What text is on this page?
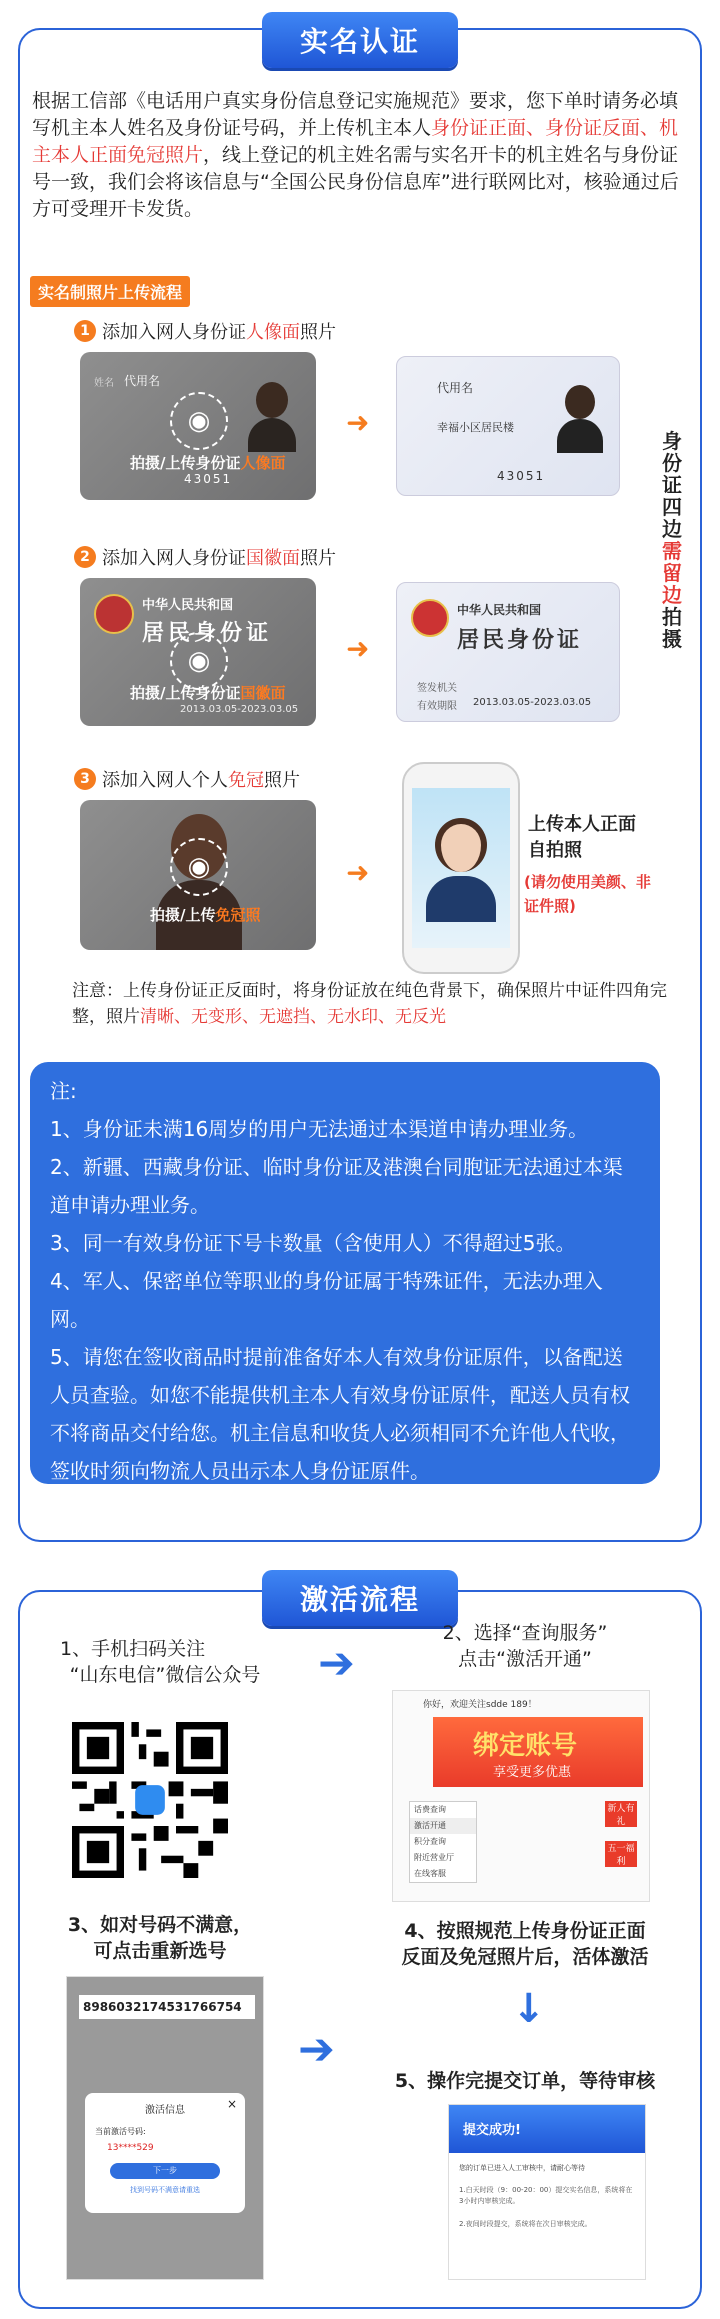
实名认证
根据工信部《电话用户真实身份信息登记实施规范》要求，您下单时请务必填写机主本人姓名及身份证号码，并上传机主本人身份证正面、身份证反面、机主本人正面免冠照片，线上登记的机主姓名需与实名开卡的机主姓名与身份证号一致，我们会将该信息与“全国公民身份信息库”进行联网比对，核验通过后方可受理开卡发货。
实名制照片上传流程
1 添加入网人身份证 人像面 照片
姓名 代用名
43051
◉
拍摄/上传身份证人像面
➜
代用名
幸福小区居民楼
43051
2 添加入网人身份证 国徽面 照片
中华人民共和国
居民身份证
2013.03.05-2023.03.05
◉
拍摄/上传身份证国徽面
➜
中华人民共和国
居民身份证
签发机关
有效期限 2013.03.05-2023.03.05
身份证四边需留边拍摄
3 添加入网人个人 免冠 照片
◉
拍摄/上传免冠照
➜
上传本人正面自拍照
(请勿使用美颜、非证件照)
注意：上传身份证正反面时，将身份证放在纯色背景下，确保照片中证件四角完整，照片清晰、无变形、无遮挡、无水印、无反光

注:

1、身份证未满16周岁的用户无法通过本渠道申请办理业务。

2、新疆、西藏身份证、临时身份证及港澳台同胞证无法通过本渠道申请办理业务。

3、同一有效身份证下号卡数量（含使用人）不得超过5张。

4、军人、保密单位等职业的身份证属于特殊证件，无法办理入网。

5、请您在签收商品时提前准备好本人有效身份证原件，以备配送人员查验。如您不能提供机主本人有效身份证原件，配送人员有权不将商品交付给您。机主信息和收货人必须相同不允许他人代收，签收时须向物流人员出示本人身份证原件。

激活流程
1、手机扫码关注
“山东电信”微信公众号	➔
2、选择“查询服务”
点击“激活开通”
你好，欢迎关注sdde 189！
绑定账号
享受更多优惠
话费查询
激活开通
积分查询
附近营业厅
在线客服
新人有礼
五一福利
3、如对号码不满意，
可点击重新选号
4、按照规范上传身份证正面
反面及免冠照片后，活体激活
8986032174531766754
激活信息	×
当前激活号码:
13****529
下一步
找到号码不满意请重选
➔
↓
5、操作完提交订单，等待审核
提交成功!
您的订单已进入人工审核中，请耐心等待
1.白天时段（9：00-20：00）提交实名信息，系统将在3小时内审核完成。
2.夜间时段提交，系统将在次日审核完成。
